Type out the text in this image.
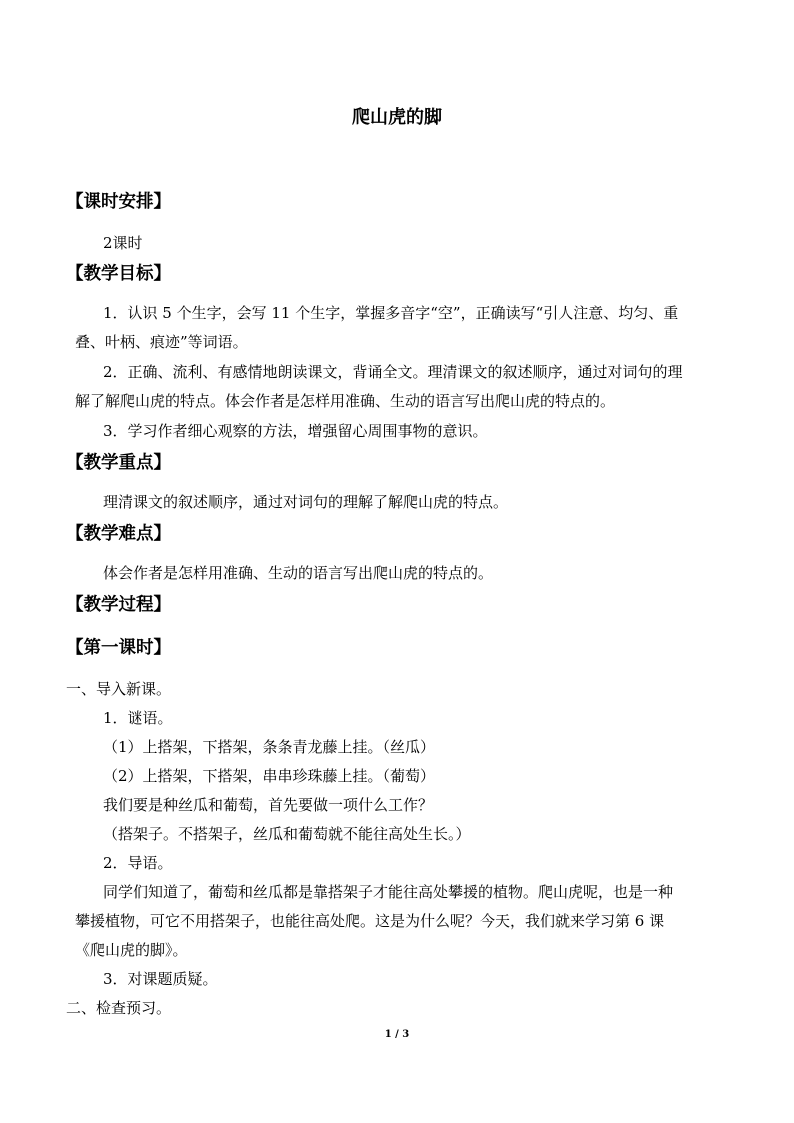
爬山虎的脚
【课时安排】
2课时
【教学目标】
1．认识 5 个生字，会写 11 个生字，掌握多音字“空”，正确读写“引人注意、均匀、重
叠、叶柄、痕迹”等词语。
2．正确、流利、有感情地朗读课文，背诵全文。理清课文的叙述顺序，通过对词句的理
解了解爬山虎的特点。体会作者是怎样用准确、生动的语言写出爬山虎的特点的。
3．学习作者细心观察的方法，增强留心周围事物的意识。
【教学重点】
理清课文的叙述顺序，通过对词句的理解了解爬山虎的特点。
【教学难点】
体会作者是怎样用准确、生动的语言写出爬山虎的特点的。
【教学过程】
【第一课时】
一、导入新课。
1．谜语。
（1）上搭架，下搭架，条条青龙藤上挂。（丝瓜）
（2）上搭架，下搭架，串串珍珠藤上挂。（葡萄）
我们要是种丝瓜和葡萄，首先要做一项什么工作？
（搭架子。不搭架子，丝瓜和葡萄就不能往高处生长。）
2．导语。
同学们知道了，葡萄和丝瓜都是靠搭架子才能往高处攀援的植物。爬山虎呢，也是一种
攀援植物，可它不用搭架子，也能往高处爬。这是为什么呢？今天，我们就来学习第 6 课
《爬山虎的脚》。
3．对课题质疑。
二、检查预习。
1 / 3
